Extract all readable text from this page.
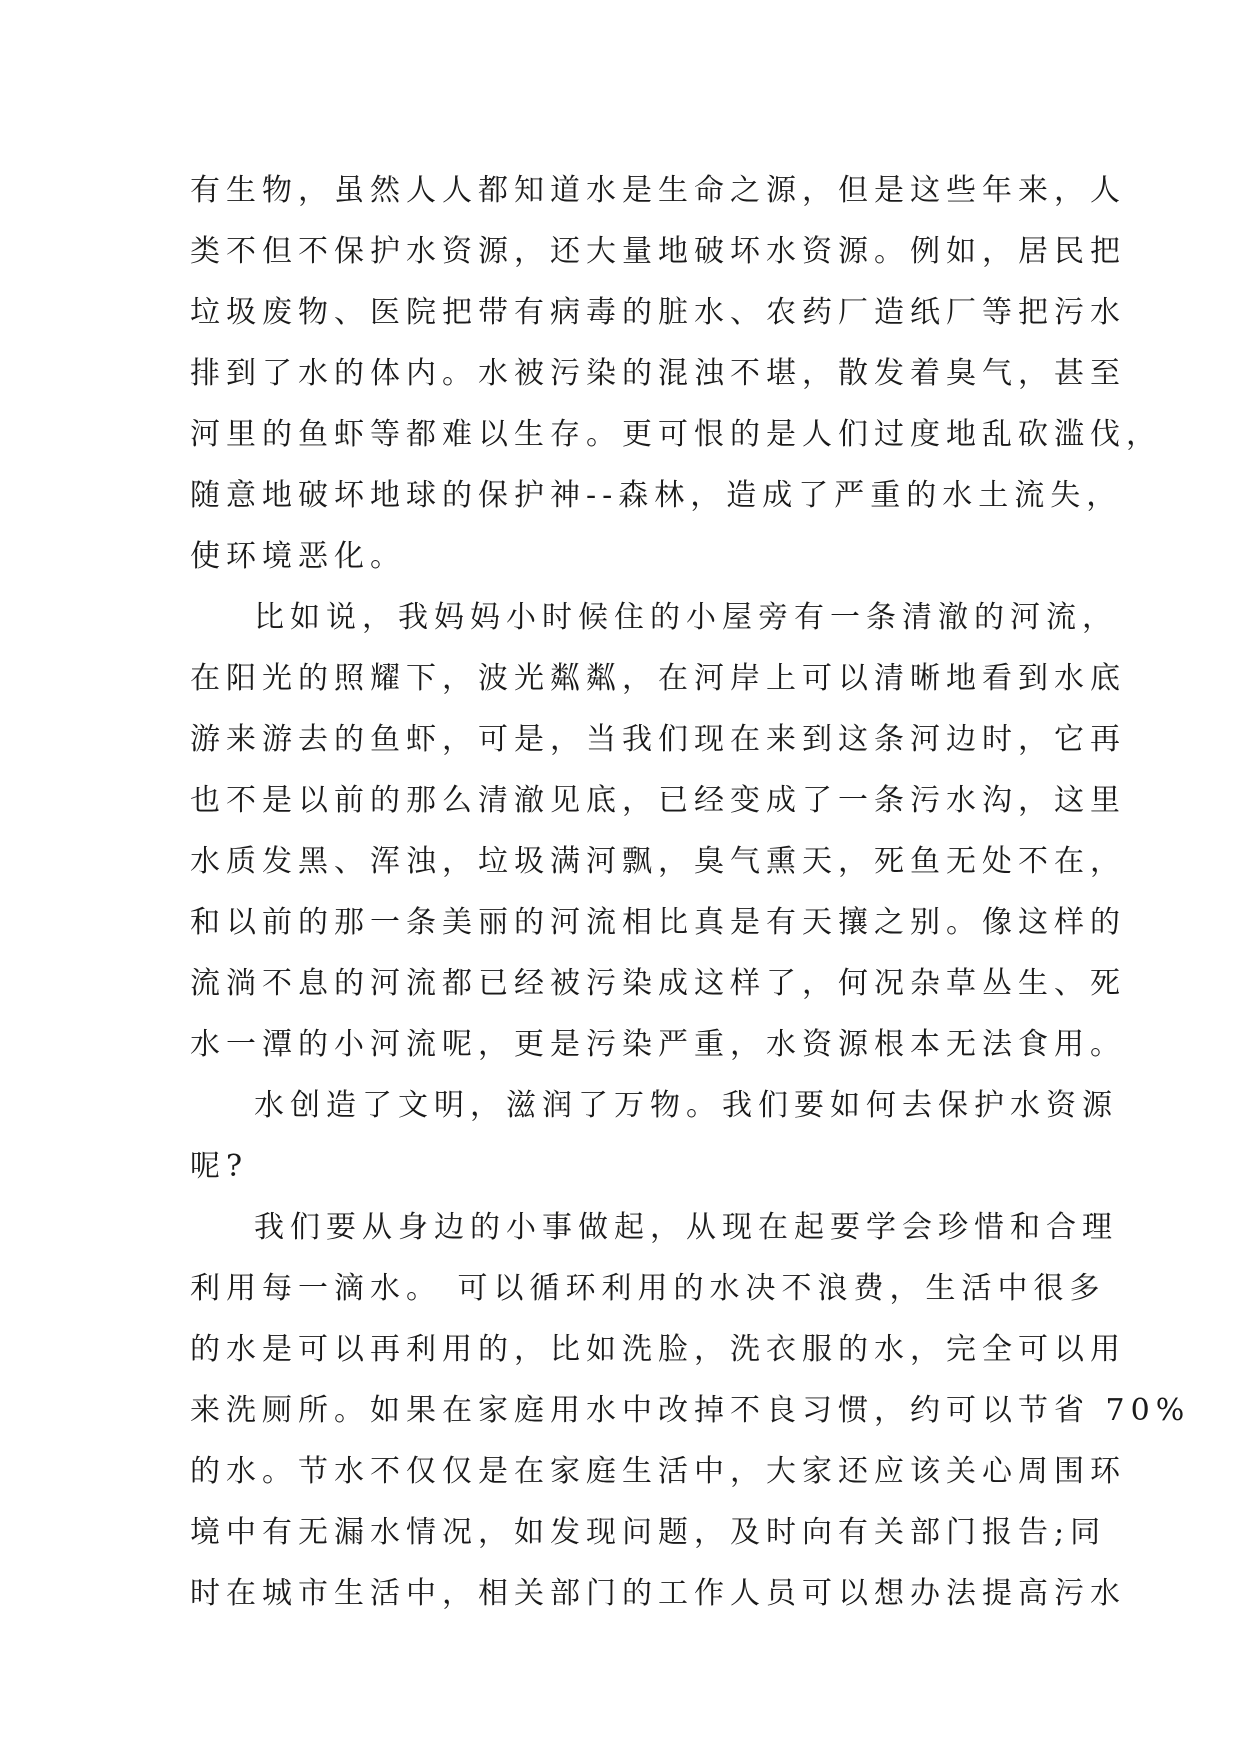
有生物，虽然人人都知道水是生命之源，但是这些年来，人
类不但不保护水资源，还大量地破坏水资源。例如，居民把
垃圾废物、医院把带有病毒的脏水、农药厂造纸厂等把污水
排到了水的体内。水被污染的混浊不堪，散发着臭气，甚至
河里的鱼虾等都难以生存。更可恨的是人们过度地乱砍滥伐，
随意地破坏地球的保护神--森林，造成了严重的水土流失，
使环境恶化。
比如说，我妈妈小时候住的小屋旁有一条清澈的河流，
在阳光的照耀下，波光粼粼，在河岸上可以清晰地看到水底
游来游去的鱼虾，可是，当我们现在来到这条河边时，它再
也不是以前的那么清澈见底，已经变成了一条污水沟，这里
水质发黑、浑浊，垃圾满河飘，臭气熏天，死鱼无处不在，
和以前的那一条美丽的河流相比真是有天攘之别。像这样的
流淌不息的河流都已经被污染成这样了，何况杂草丛生、死
水一潭的小河流呢，更是污染严重，水资源根本无法食用。
水创造了文明，滋润了万物。我们要如何去保护水资源
呢?
我们要从身边的小事做起，从现在起要学会珍惜和合理
利用每一滴水。 可以循环利用的水决不浪费，生活中很多
的水是可以再利用的，比如洗脸，洗衣服的水，完全可以用
来洗厕所。如果在家庭用水中改掉不良习惯，约可以节省 70%
的水。节水不仅仅是在家庭生活中，大家还应该关心周围环
境中有无漏水情况，如发现问题，及时向有关部门报告;同
时在城市生活中，相关部门的工作人员可以想办法提高污水
